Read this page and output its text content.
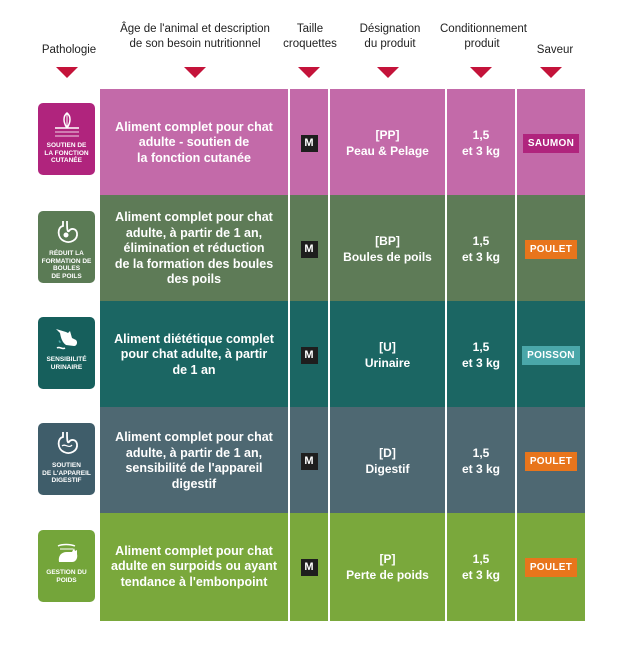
Pathologie
Âge de l'animal et description
de son besoin nutritionnel
Taille
croquettes
Désignation
du produit
Conditionnement
produit	Saveur
SOUTIEN DE
LA FONCTION
CUTANÉE
Aliment complet pour chat
adulte - soutien de
la fonction cutanée
M
[PP]
Peau & Pelage
1,5
et 3 kg
SAUMON
RÉDUIT LA
FORMATION DE BOULES
DE POILS
Aliment complet pour chat
adulte, à partir de 1 an,
élimination et réduction
de la formation des boules
des poils
M
[BP]
Boules de poils
1,5
et 3 kg
POULET
SENSIBILITÉ
URINAIRE
Aliment diététique complet
pour chat adulte, à partir
de 1 an
M
[U]
Urinaire
1,5
et 3 kg
POISSON
SOUTIEN
DE L'APPAREIL
DIGESTIF
Aliment complet pour chat
adulte, à partir de 1 an,
sensibilité de l'appareil
digestif
M
[D]
Digestif
1,5
et 3 kg
POULET
GESTION DU
POIDS
Aliment complet pour chat
adulte en surpoids ou ayant
tendance à l'embonpoint
M
[P]
Perte de poids
1,5
et 3 kg
POULET
